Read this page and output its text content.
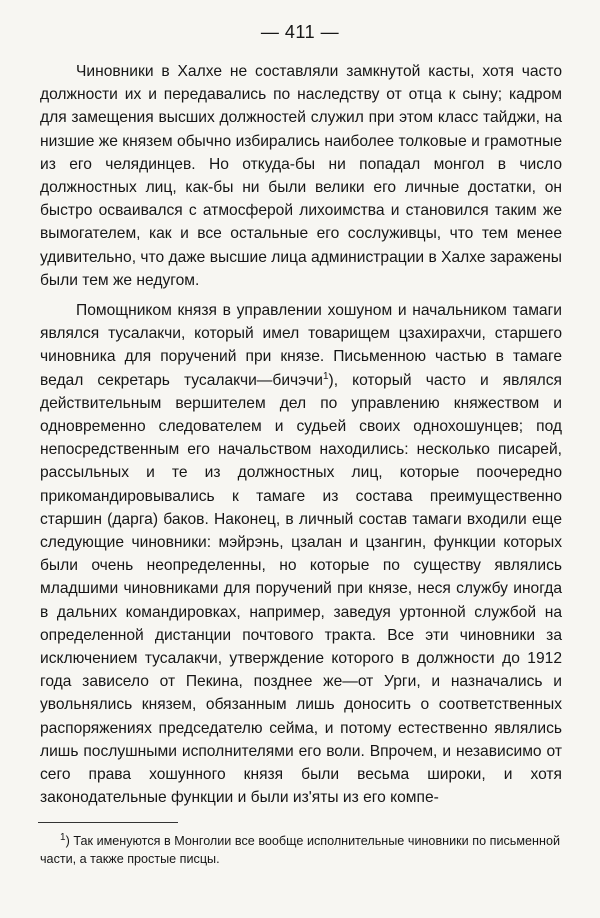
— 411 —

Чиновники в Халхе не составляли замкнутой касты, хотя часто должности их и передавались по наследству от отца к сыну; кадром для замещения высших должностей служил при этом класс тайджи, на низшие же князем обычно избирались наиболее толковые и грамотные из его челядинцев. Но откуда-бы ни попадал монгол в число должностных лиц, как-бы ни были велики его личные достатки, он быстро осваивался с атмосферой лихоимства и становился таким же вымогателем, как и все остальные его сослуживцы, что тем менее удивительно, что даже высшие лица администрации в Халхе заражены были тем же недугом.

Помощником князя в управлении хошуном и начальником тамаги являлся тусалакчи, который имел товарищем цзахирахчи, старшего чиновника для поручений при князе. Письменною частью в тамаге ведал секретарь тусалакчи—бичэчи$^1$), который часто и являлся действительным вершителем дел по управлению княжеством и одновременно следователем и судьей своих однохошунцев; под непосредственным его начальством находились: несколько писарей, рассыльных и те из должностных лиц, которые поочередно прикомандировывались к тамаге из состава преимущественно старшин (дарга) баков. Наконец, в личный состав тамаги входили еще следующие чиновники: мэйрэнь, цзалан и цзангин, функции которых были очень неопределенны, но которые по существу являлись младшими чиновниками для поручений при князе, неся службу иногда в дальних командировках, например, заведуя уртонной службой на определенной дистанции почтового тракта. Все эти чиновники за исключением тусалакчи, утверждение которого в должности до 1912 года зависело от Пекина, позднее же—от Урги, и назначались и увольнялись князем, обязанным лишь доносить о соответственных распоряжениях председателю сейма, и потому естественно являлись лишь послушными исполнителями его воли. Впрочем, и независимо от сего права хошунного князя были весьма широки, и хотя законодательные функции и были из'яты из его компе-

$^1$) Так именуются в Монголии все вообще исполнительные чиновники по письменной части, а также простые писцы.
